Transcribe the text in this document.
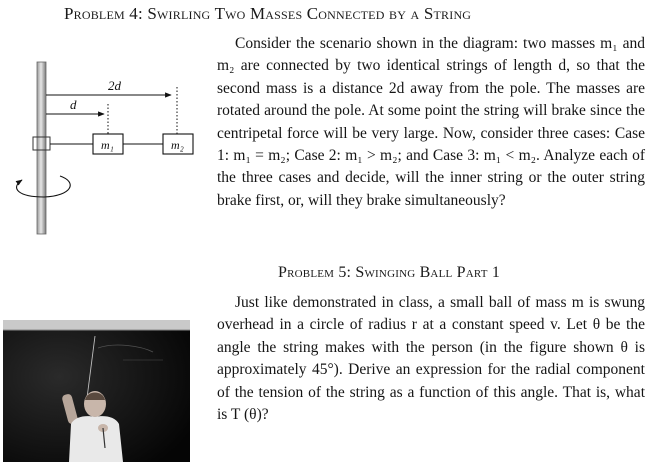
Problem 4: Swirling Two Masses Connected by a String
2d
d
m₁	m₂

Consider the scenario shown in the diagram: two masses m₁ and m₂ are connected by two identical strings of length d, so that the second mass is a distance 2d away from the pole. The masses are rotated around the pole. At some point the string will brake since the centripetal force will be very large. Now, consider three cases: Case 1: m₁ = m₂; Case 2: m₁ > m₂; and Case 3: m₁ < m₂. Analyze each of the three cases and decide, will the inner string or the outer string brake first, or, will they brake simultaneously?

Problem 5: Swinging Ball Part 1

Just like demonstrated in class, a small ball of mass m is swung overhead in a circle of radius r at a constant speed v. Let θ be the angle the string makes with the person (in the figure shown θ is approximately 45°). Derive an expression for the radial component of the tension of the string as a function of this angle. That is, what is T (θ)?
